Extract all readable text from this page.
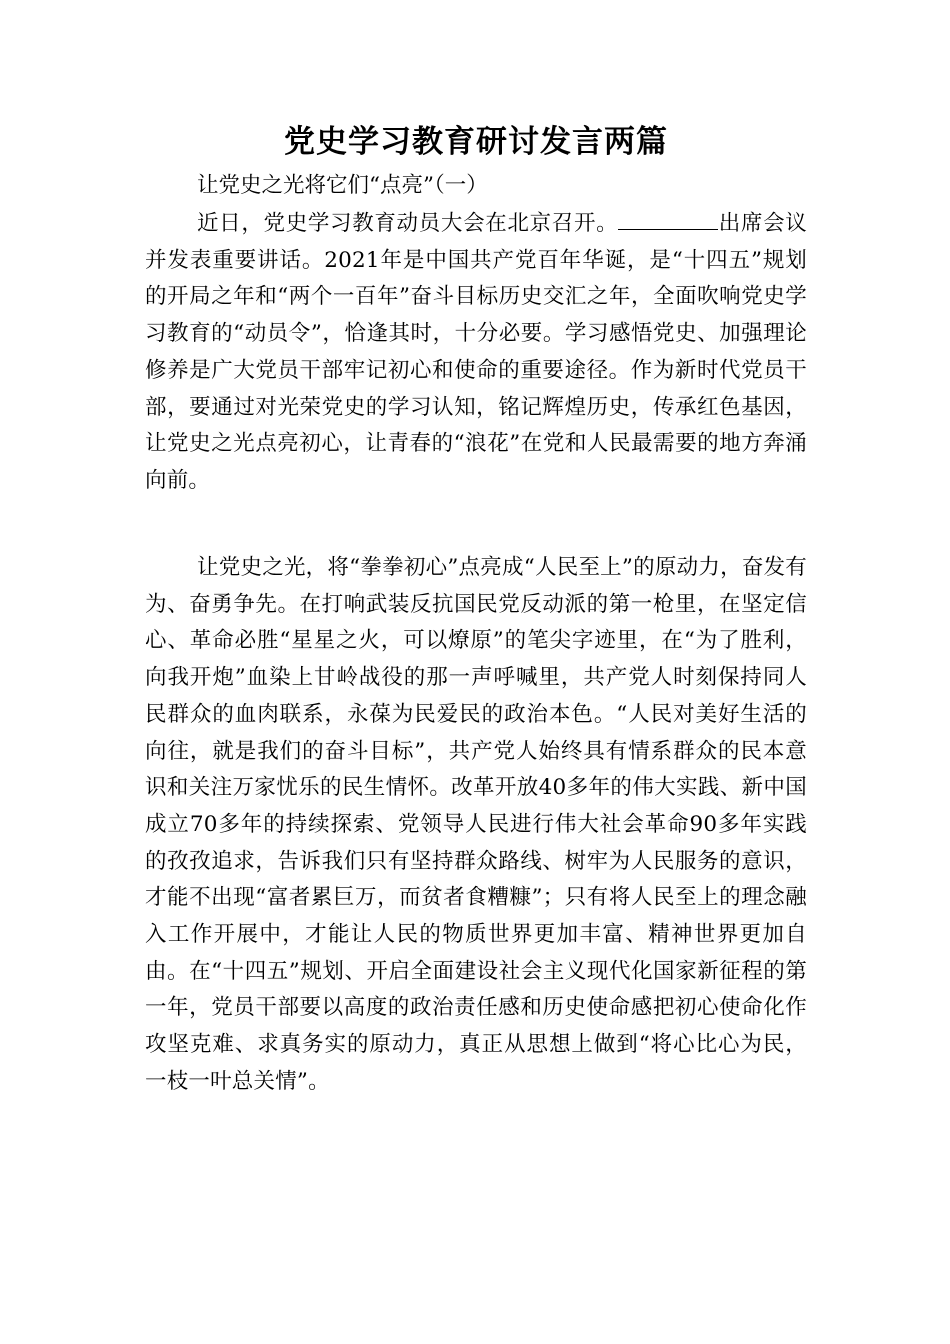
党史学习教育研讨发言两篇

让党史之光将它们“点亮”（一）

近日，党史学习教育动员大会在北京召开。	出席会议并发表重要讲话。2021年是中国共产党百年华诞，是“十四五”规划的开局之年和“两个一百年”奋斗目标历史交汇之年，全面吹响党史学习教育的“动员令”，恰逢其时，十分必要。学习感悟党史、加强理论修养是广大党员干部牢记初心和使命的重要途径。作为新时代党员干部，要通过对光荣党史的学习认知，铭记辉煌历史，传承红色基因，让党史之光点亮初心，让青春的“浪花”在党和人民最需要的地方奔涌向前。

让党史之光，将“拳拳初心”点亮成“人民至上”的原动力，奋发有为、奋勇争先。在打响武装反抗国民党反动派的第一枪里，在坚定信心、革命必胜“星星之火，可以燎原”的笔尖字迹里，在“为了胜利，向我开炮”血染上甘岭战役的那一声呼喊里，共产党人时刻保持同人民群众的血肉联系，永葆为民爱民的政治本色。“人民对美好生活的向往，就是我们的奋斗目标”，共产党人始终具有情系群众的民本意识和关注万家忧乐的民生情怀。改革开放40多年的伟大实践、新中国成立70多年的持续探索、党领导人民进行伟大社会革命90多年实践的孜孜追求，告诉我们只有坚持群众路线、树牢为人民服务的意识，才能不出现“富者累巨万，而贫者食糟糠”；只有将人民至上的理念融入工作开展中，才能让人民的物质世界更加丰富、精神世界更加自由。在“十四五”规划、开启全面建设社会主义现代化国家新征程的第一年，党员干部要以高度的政治责任感和历史使命感把初心使命化作攻坚克难、求真务实的原动力，真正从思想上做到“将心比心为民，一枝一叶总关情”。
